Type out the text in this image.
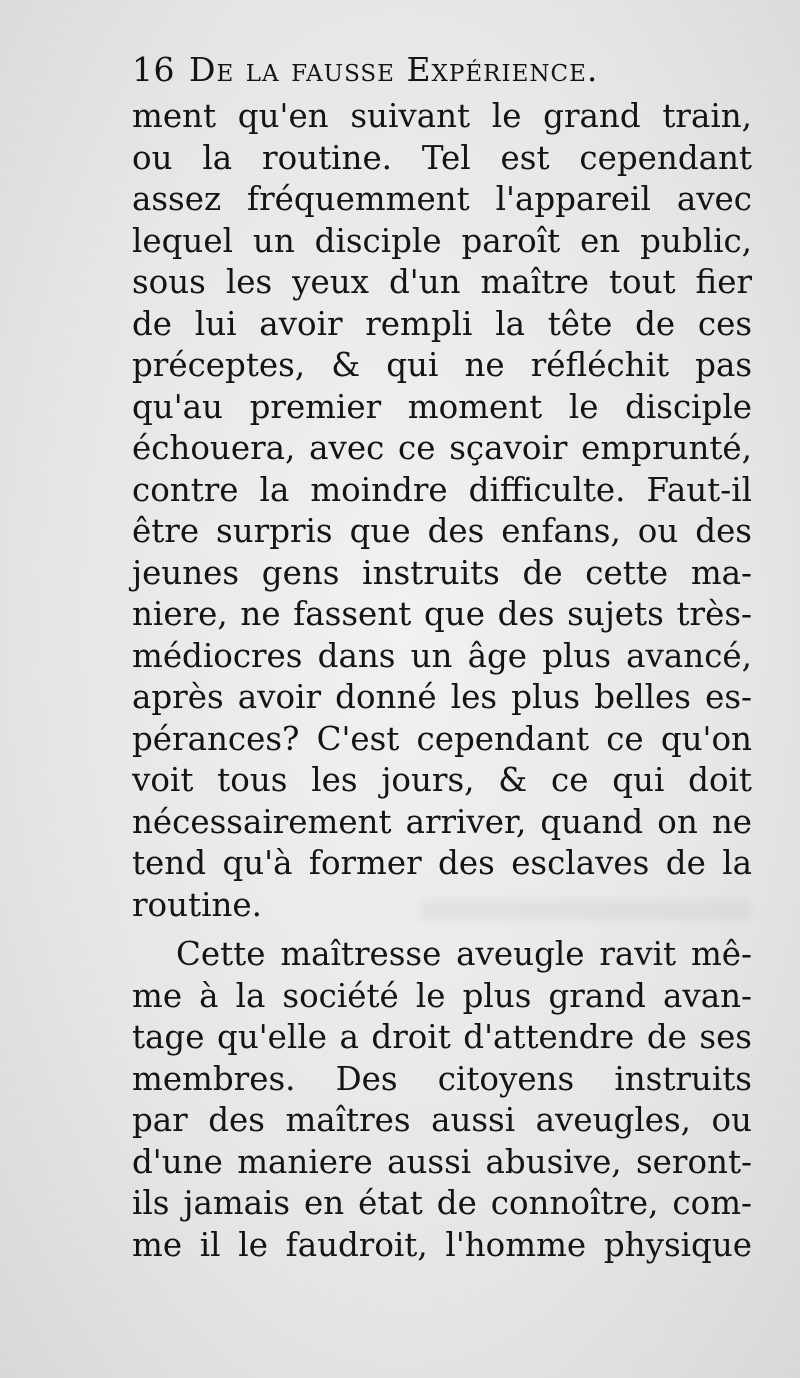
16 De la fausse Expérience.
ment qu'en suivant le grand train,
ou la routine. Tel est cependant
assez fréquemment l'appareil avec
lequel un disciple paroît en public,
sous les yeux d'un maître tout fier
de lui avoir rempli la tête de ces
préceptes, & qui ne réfléchit pas
qu'au premier moment le disciple
échouera, avec ce sçavoir emprunté,
contre la moindre difficulte. Faut-il
être surpris que des enfans, ou des
jeunes gens instruits de cette ma-
niere, ne fassent que des sujets très-
médiocres dans un âge plus avancé,
après avoir donné les plus belles es-
pérances? C'est cependant ce qu'on
voit tous les jours, & ce qui doit
nécessairement arriver, quand on ne
tend qu'à former des esclaves de la
routine.
Cette maîtresse aveugle ravit mê-
me à la société le plus grand avan-
tage qu'elle a droit d'attendre de ses
membres. Des citoyens instruits
par des maîtres aussi aveugles, ou
d'une maniere aussi abusive, seront-
ils jamais en état de connoître, com-
me il le faudroit, l'homme physique
